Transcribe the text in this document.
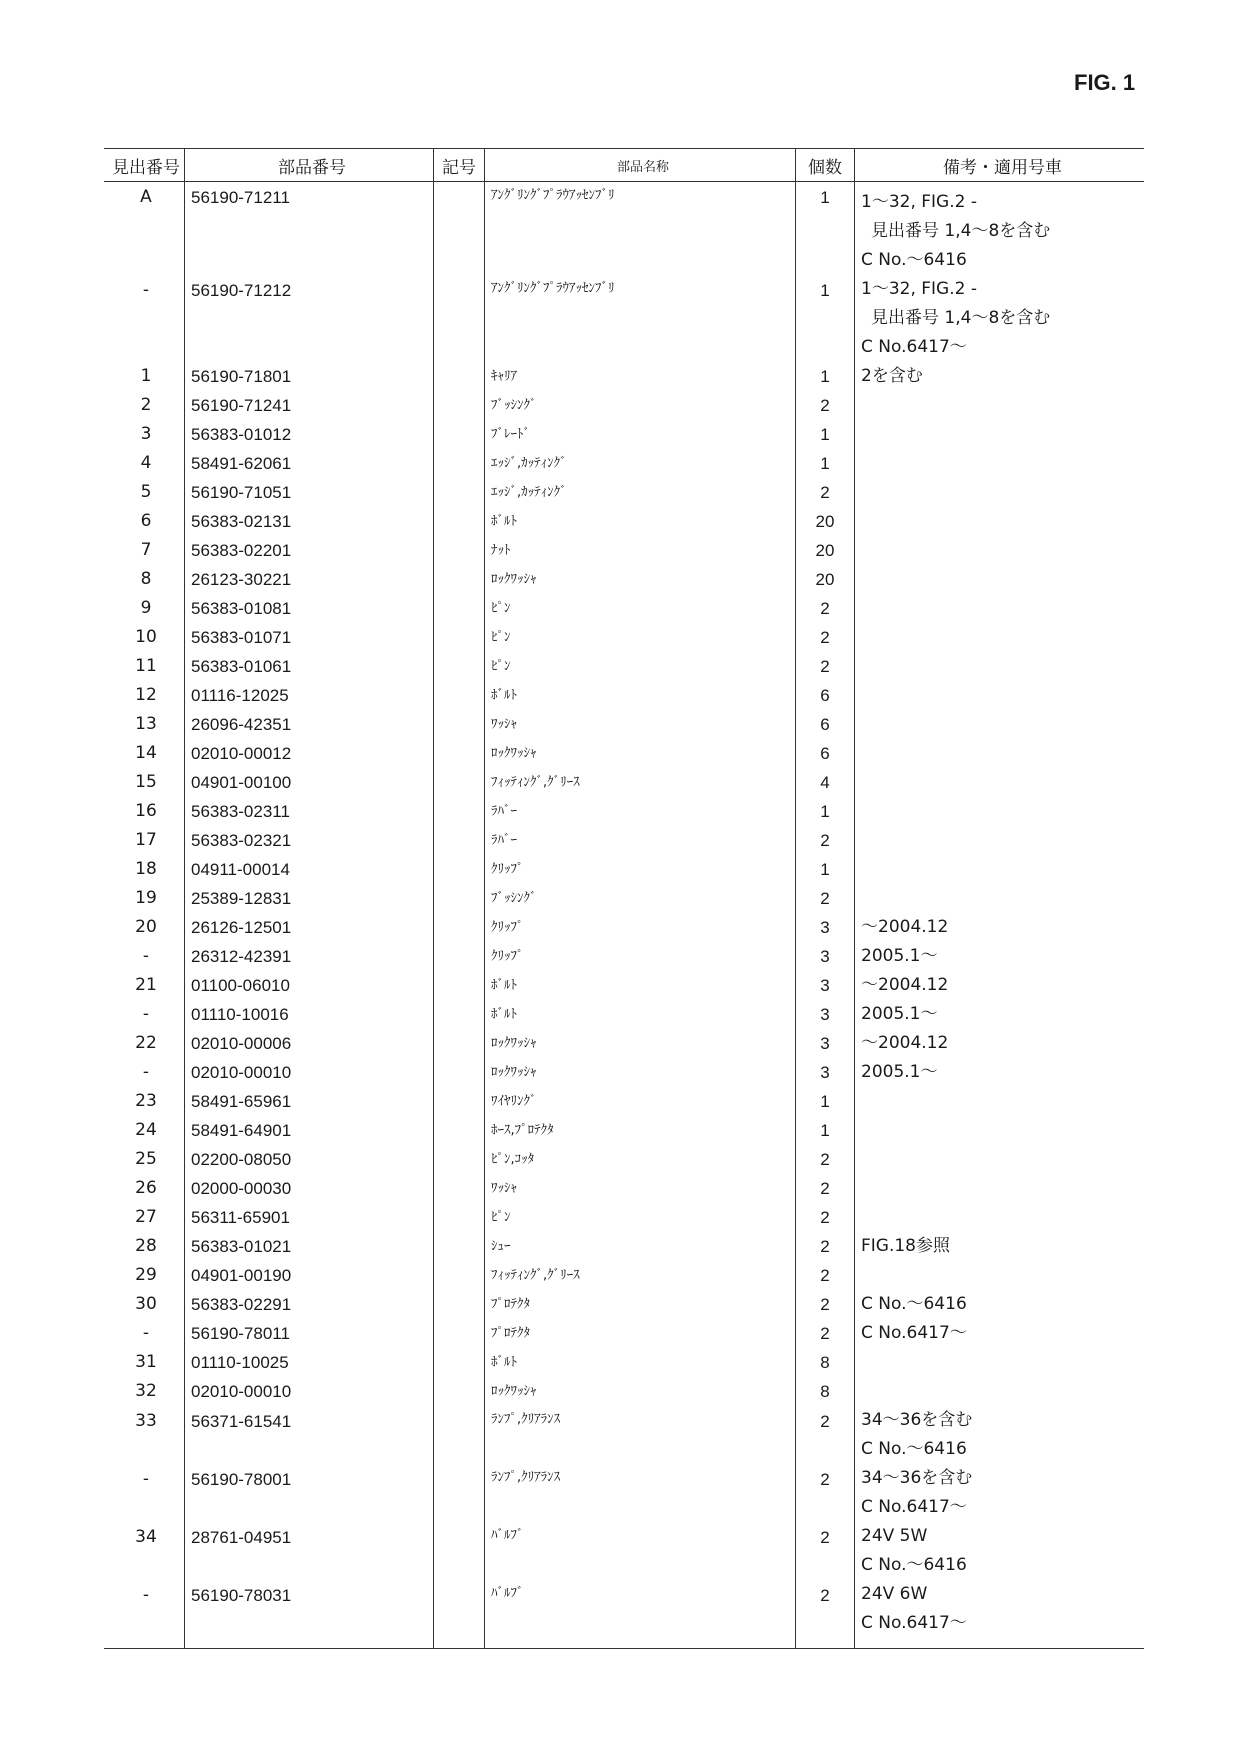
FIG. 1
見出番号	部品番号	記号	部品名称	個数	備考・適用号車
A	56190-71211		ｱﾝｸﾞﾘﾝｸﾞﾌﾟﾗｳｱｯｾﾝﾌﾞﾘ	1	1～32, FIG.2 -
見出番号 1,4～8を含む
C No.～6416

-	56190-71212		ｱﾝｸﾞﾘﾝｸﾞﾌﾟﾗｳｱｯｾﾝﾌﾞﾘ	1	1～32, FIG.2 -
見出番号 1,4～8を含む
C No.6417～

1	56190-71801		ｷｬﾘｱ	1	2を含む

2	56190-71241		ﾌﾞｯｼﾝｸﾞ	2	
3	56383-01012		ﾌﾞﾚｰﾄﾞ	1	
4	58491-62061		ｴｯｼﾞ,ｶｯﾃｨﾝｸﾞ	1	
5	56190-71051		ｴｯｼﾞ,ｶｯﾃｨﾝｸﾞ	2	
6	56383-02131		ﾎﾞﾙﾄ	20	
7	56383-02201		ﾅｯﾄ	20	
8	26123-30221		ﾛｯｸﾜｯｼｬ	20	
9	56383-01081		ﾋﾟﾝ	2	
10	56383-01071		ﾋﾟﾝ	2	
11	56383-01061		ﾋﾟﾝ	2	
12	01116-12025		ﾎﾞﾙﾄ	6	
13	26096-42351		ﾜｯｼｬ	6	
14	02010-00012		ﾛｯｸﾜｯｼｬ	6	
15	04901-00100		ﾌｨｯﾃｨﾝｸﾞ,ｸﾞﾘｰｽ	4	
16	56383-02311		ﾗﾊﾞｰ	1	
17	56383-02321		ﾗﾊﾞｰ	2	
18	04911-00014		ｸﾘｯﾌﾟ	1	
19	25389-12831		ﾌﾞｯｼﾝｸﾞ	2	
20	26126-12501		ｸﾘｯﾌﾟ	3	～2004.12

-	26312-42391		ｸﾘｯﾌﾟ	3	2005.1～

21	01100-06010		ﾎﾞﾙﾄ	3	～2004.12

-	01110-10016		ﾎﾞﾙﾄ	3	2005.1～

22	02010-00006		ﾛｯｸﾜｯｼｬ	3	～2004.12

-	02010-00010		ﾛｯｸﾜｯｼｬ	3	2005.1～

23	58491-65961		ﾜｲﾔﾘﾝｸﾞ	1	
24	58491-64901		ﾎｰｽ,ﾌﾟﾛﾃｸﾀ	1	
25	02200-08050		ﾋﾟﾝ,ｺｯﾀ	2	
26	02000-00030		ﾜｯｼｬ	2	
27	56311-65901		ﾋﾟﾝ	2	
28	56383-01021		ｼｭｰ	2	FIG.18参照

29	04901-00190		ﾌｨｯﾃｨﾝｸﾞ,ｸﾞﾘｰｽ	2	
30	56383-02291		ﾌﾟﾛﾃｸﾀ	2	C No.～6416

-	56190-78011		ﾌﾟﾛﾃｸﾀ	2	C No.6417～

31	01110-10025		ﾎﾞﾙﾄ	8	
32	02010-00010		ﾛｯｸﾜｯｼｬ	8	
33	56371-61541		ﾗﾝﾌﾟ,ｸﾘｱﾗﾝｽ	2	34～36を含む
C No.～6416

-	56190-78001		ﾗﾝﾌﾟ,ｸﾘｱﾗﾝｽ	2	34～36を含む
C No.6417～

34	28761-04951		ﾊﾞﾙﾌﾞ	2	24V 5W
C No.～6416

-	56190-78031		ﾊﾞﾙﾌﾞ	2	24V 6W
C No.6417～
